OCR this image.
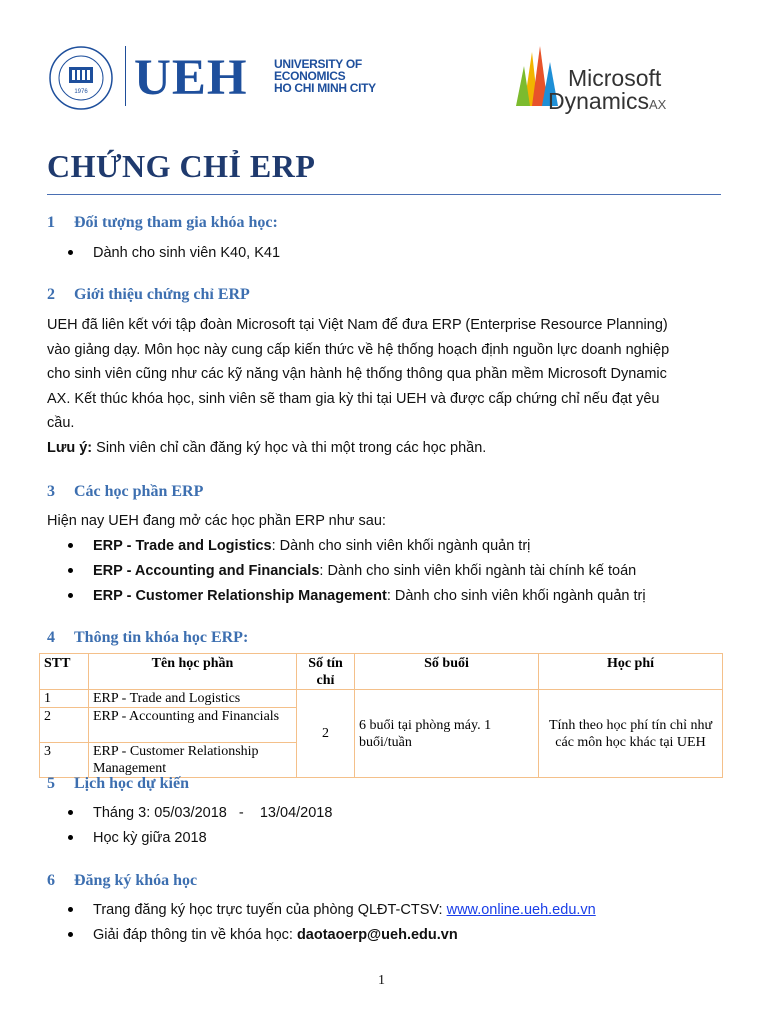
1976 UEH UNIVERSITY OF
ECONOMICS
HO CHI MINH CITY	Microsoft
DynamicsAX
CHỨNG CHỈ ERP
1 Đối tượng tham gia khóa học:
Dành cho sinh viên K40, K41
2 Giới thiệu chứng chỉ ERP
UEH đã liên kết với tập đoàn Microsoft tại Việt Nam để đưa ERP (Enterprise Resource Planning)
vào giảng dạy. Môn học này cung cấp kiến thức về hệ thống hoạch định nguồn lực doanh nghiệp
cho sinh viên cũng như các kỹ năng vận hành hệ thống thông qua phần mềm Microsoft Dynamic
AX. Kết thúc khóa học, sinh viên sẽ tham gia kỳ thi tại UEH và được cấp chứng chỉ nếu đạt yêu
cầu.
Lưu ý: Sinh viên chỉ cần đăng ký học và thi một trong các học phần.
3 Các học phần ERP
Hiện nay UEH đang mở các học phần ERP như sau:
ERP - Trade and Logistics: Dành cho sinh viên khối ngành quản trị
ERP - Accounting and Financials: Dành cho sinh viên khối ngành tài chính kế toán
ERP - Customer Relationship Management: Dành cho sinh viên khối ngành quản trị
4 Thông tin khóa học ERP:
STT	Tên học phần	Số tín chỉ	Số buổi	Học phí
1	ERP - Trade and Logistics	2	6 buổi tại phòng máy. 1 buổi/tuần	Tính theo học phí tín chỉ như các môn học khác tại UEH
2	ERP - Accounting and Financials			
3	ERP - Customer Relationship Management			
5 Lịch học dự kiến
Tháng 3: 05/03/2018   -    13/04/2018
Học kỳ giữa 2018
6 Đăng ký khóa học
Trang đăng ký học trực tuyến của phòng QLĐT-CTSV: www.online.ueh.edu.vn
Giải đáp thông tin về khóa học: daotaoerp@ueh.edu.vn
1
